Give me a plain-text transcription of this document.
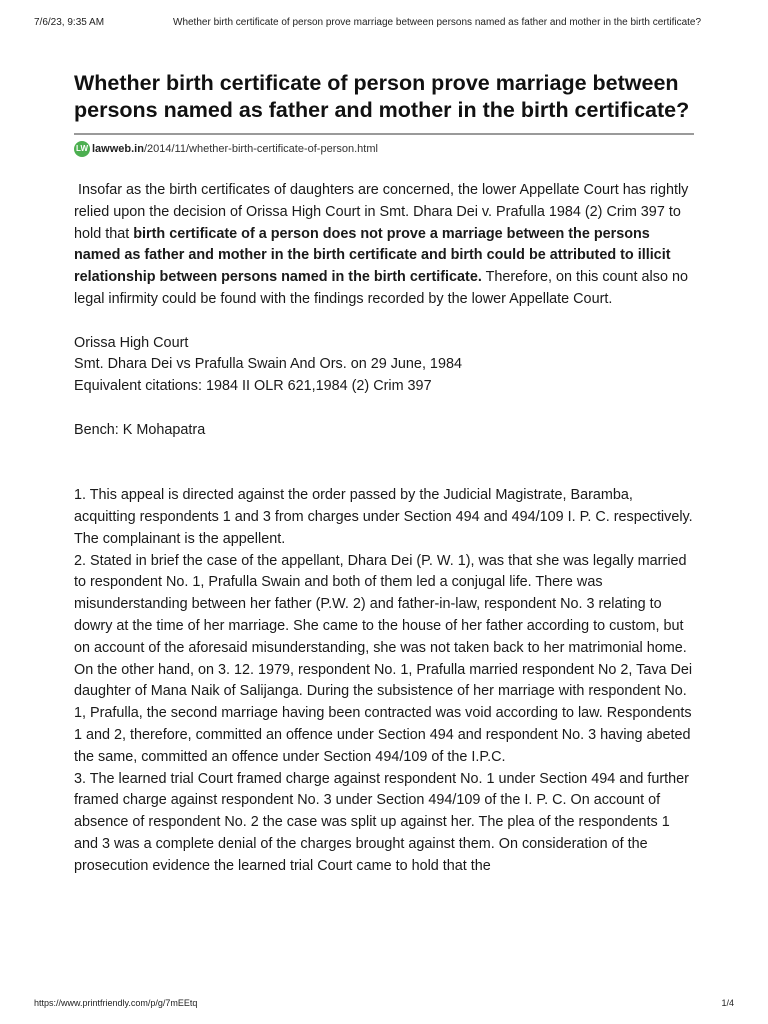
7/6/23, 9:35 AM	Whether birth certificate of person prove marriage between persons named as father and mother in the birth certificate?
Whether birth certificate of person prove marriage between persons named as father and mother in the birth certificate?
LW lawweb.in /2014/11/whether-birth-certificate-of-person.html

Insofar as the birth certificates of daughters are concerned, the lower Appellate Court has rightly relied upon the decision of Orissa High Court in Smt. Dhara Dei v. Prafulla 1984 (2) Crim 397 to hold that birth certificate of a person does not prove a marriage between the persons named as father and mother in the birth certificate and birth could be attributed to illicit relationship between persons named in the birth certificate. Therefore, on this count also no legal infirmity could be found with the findings recorded by the lower Appellate Court.

Orissa High Court

Smt. Dhara Dei vs Prafulla Swain And Ors. on 29 June, 1984

Equivalent citations: 1984 II OLR 621,1984 (2) Crim 397

Bench: K Mohapatra

1. This appeal is directed against the order passed by the Judicial Magistrate, Baramba, acquitting respondents 1 and 3 from charges under Section 494 and 494/109 I. P. C. respectively. The complainant is the appellent.

2. Stated in brief the case of the appellant, Dhara Dei (P. W. 1), was that she was legally married to respondent No. 1, Prafulla Swain and both of them led a conjugal life. There was misunderstanding between her father (P.W. 2) and father-in-law, respondent No. 3 relating to dowry at the time of her marriage. She came to the house of her father according to custom, but on account of the aforesaid misunderstanding, she was not taken back to her matrimonial home. On the other hand, on 3. 12. 1979, respondent No. 1, Prafulla married respondent No 2, Tava Dei daughter of Mana Naik of Salijanga. During the subsistence of her marriage with respondent No. 1, Prafulla, the second marriage having been contracted was void according to law. Respondents 1 and 2, therefore, committed an offence under Section 494 and respondent No. 3 having abeted the same, committed an offence under Section 494/109 of the I.P.C.

3. The learned trial Court framed charge against respondent No. 1 under Section 494 and further framed charge against respondent No. 3 under Section 494/109 of the I. P. C. On account of absence of respondent No. 2 the case was split up against her. The plea of the respondents 1 and 3 was a complete denial of the charges brought against them. On consideration of the prosecution evidence the learned trial Court came to hold that the

https://www.printfriendly.com/p/g/7mEEtq	1/4
